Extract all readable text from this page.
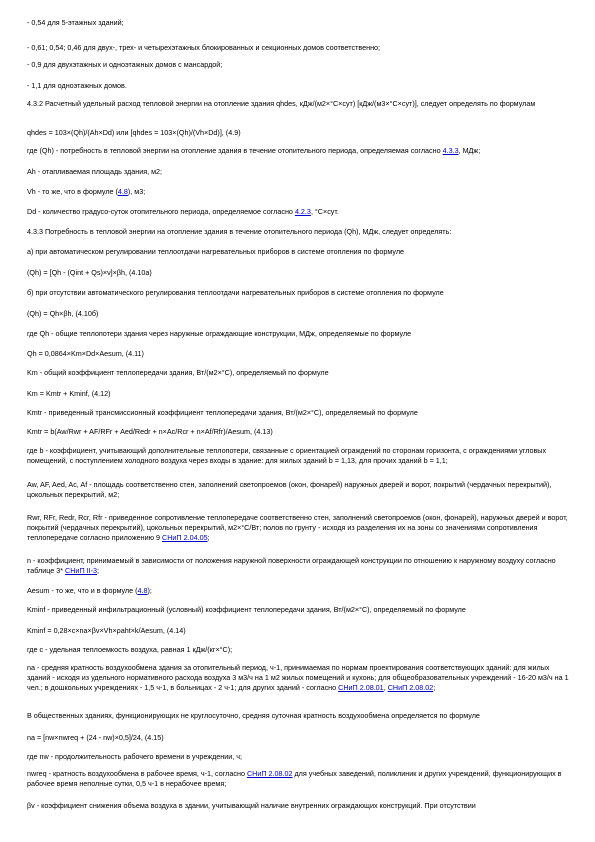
- 0,54 для 5-этажных зданий;
- 0,61; 0,54; 0,46 для двух-, трех- и четырехэтажных блокированных и секционных домов соответственно;
- 0,9 для двухэтажных и одноэтажных домов с мансардой;
- 1,1 для одноэтажных домов.
4.3.2 Расчетный удельный расход тепловой энергии на отопление здания qhdes, кДж/(м2×°С×сут) [кДж/(м3×°С×сут)], следует определять по формулам
qhdes = 103×(Qh)/(Ah×Dd) или [qhdes = 103×(Qh)/(Vh×Dd)], (4.9)
где (Qh) - потребность в тепловой энергии на отопление здания в течение отопительного периода, определяемая согласно 4.3.3, МДж;
Ah - отапливаемая площадь здания, м2;
Vh - то же, что в формуле (4.8), м3;
Dd - количество градусо-суток отопительного периода, определяемое согласно 4.2.3, °С×сут.
4.3.3 Потребность в тепловой энергии на отопление здания в течение отопительного периода (Qh), МДж, следует определять:
а) при автоматическом регулировании теплоотдачи нагревательных приборов в системе отопления по формуле
(Qh) = [Qh - (Qint + Qs)×ν]×βh, (4.10а)
б) при отсутствии автоматического регулирования теплоотдачи нагревательных приборов в системе отопления по формуле
(Qh) = Qh×βh, (4.10б)
где Qh - общие теплопотери здания через наружные ограждающие конструкции, МДж, определяемые по формуле
Qh = 0,0864×Km×Dd×Aesum, (4.11)
Km - общий коэффициент теплопередачи здания, Вт/(м2×°С), определяемый по формуле
Km = Kmtr + Kminf, (4.12)
Kmtr - приведенный трансмиссионный коэффициент теплопередачи здания, Вт/(м2×°С), определяемый по формуле
Kmtr = b(Aw/Rwr + AF/RFr + Aed/Redr + n×Ac/Rcr + n×Af/Rfr)/Aesum, (4.13)
где b - коэффициент, учитывающий дополнительные теплопотери, связанные с ориентацией ограждений по сторонам горизонта, с ограждениями угловых помещений, с поступлением холодного воздуха через входы в здание: для жилых зданий b = 1,13, для прочих зданий b = 1,1;
Aw, AF, Aed, Ac, Af - площадь соответственно стен, заполнений светопроемов (окон, фонарей) наружных дверей и ворот, покрытий (чердачных перекрытий), цокольных перекрытий, м2;
Rwr, RFr, Redr, Rcr, Rfr - приведенное сопротивление теплопередаче соответственно стен, заполнений светопроемов (окон, фонарей), наружных дверей и ворот, покрытий (чердачных перекрытий), цокольных перекрытий, м2×°С/Вт; полов по грунту - исходя из разделения их на зоны со значениями сопротивления теплопередаче согласно приложению 9 СНиП 2.04.05;
n - коэффициент, принимаемый в зависимости от положения наружной поверхности ограждающей конструкции по отношению к наружному воздуху согласно таблице 3* СНиП II-3;
Aesum - то же, что и в формуле (4.8);
Kminf - приведенный инфильтрационный (условный) коэффициент теплопередачи здания, Вт/(м2×°С), определяемый по формуле
Kminf = 0,28×c×na×βv×Vh×ρaht×k/Aesum, (4.14)
где c - удельная теплоемкость воздуха, равная 1 кДж/(кг×°С);
na - средняя кратность воздухообмена здания за отопительный период, ч-1, принимаемая по нормам проектирования соответствующих зданий: для жилых зданий - исходя из удельного нормативного расхода воздуха 3 м3/ч на 1 м2 жилых помещений и кухонь; для общеобразовательных учреждений - 16-20 м3/ч на 1 чел.; в дошкольных учреждениях - 1,5 ч-1, в больницах - 2 ч-1; для других зданий - согласно СНиП 2.08.01, СНиП 2.08.02;
В общественных зданиях, функционирующих не круглосуточно, средняя суточная кратность воздухообмена определяется по формуле
na = [nw×nwreq + (24 - nw)×0,5]/24, (4.15)
где nw - продолжительность рабочего времени в учреждении, ч;
nwreq - кратность воздухообмена в рабочее время, ч-1, согласно СНиП 2.08.02 для учебных заведений, поликлиник и других учреждений, функционирующих в рабочее время неполные сутки, 0,5 ч-1 в нерабочее время;
βv - коэффициент снижения объема воздуха в здании, учитывающий наличие внутренних ограждающих конструкций. При отсутствии
